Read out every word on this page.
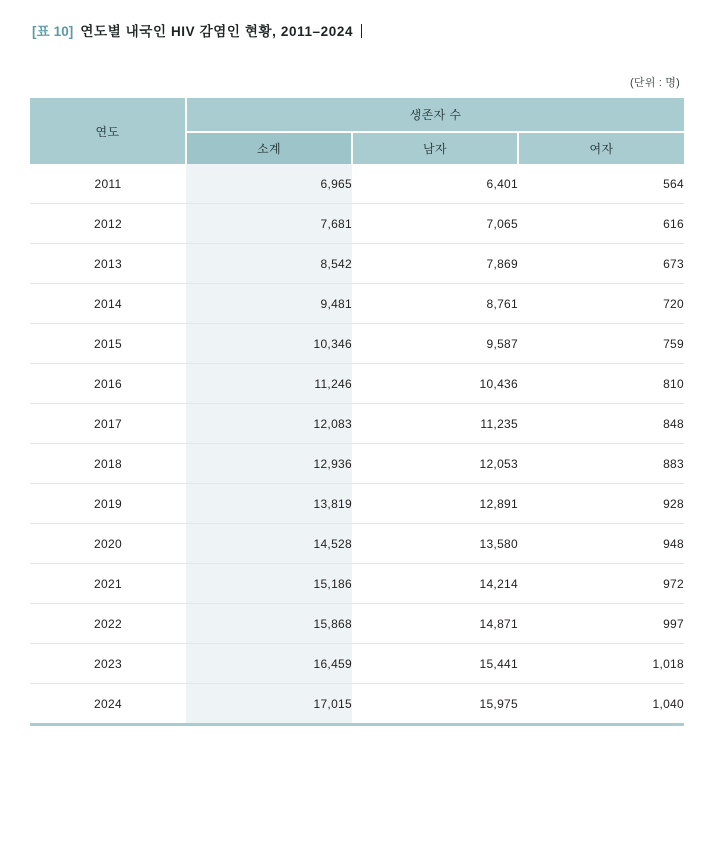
[표 10] 연도별 내국인 HIV 감염인 현황, 2011–2024
(단위 : 명)
연도	생존자 수		
	소계	남자	여자
2011	6,965	6,401	564
2012	7,681	7,065	616
2013	8,542	7,869	673
2014	9,481	8,761	720
2015	10,346	9,587	759
2016	11,246	10,436	810
2017	12,083	11,235	848
2018	12,936	12,053	883
2019	13,819	12,891	928
2020	14,528	13,580	948
2021	15,186	14,214	972
2022	15,868	14,871	997
2023	16,459	15,441	1,018
2024	17,015	15,975	1,040
